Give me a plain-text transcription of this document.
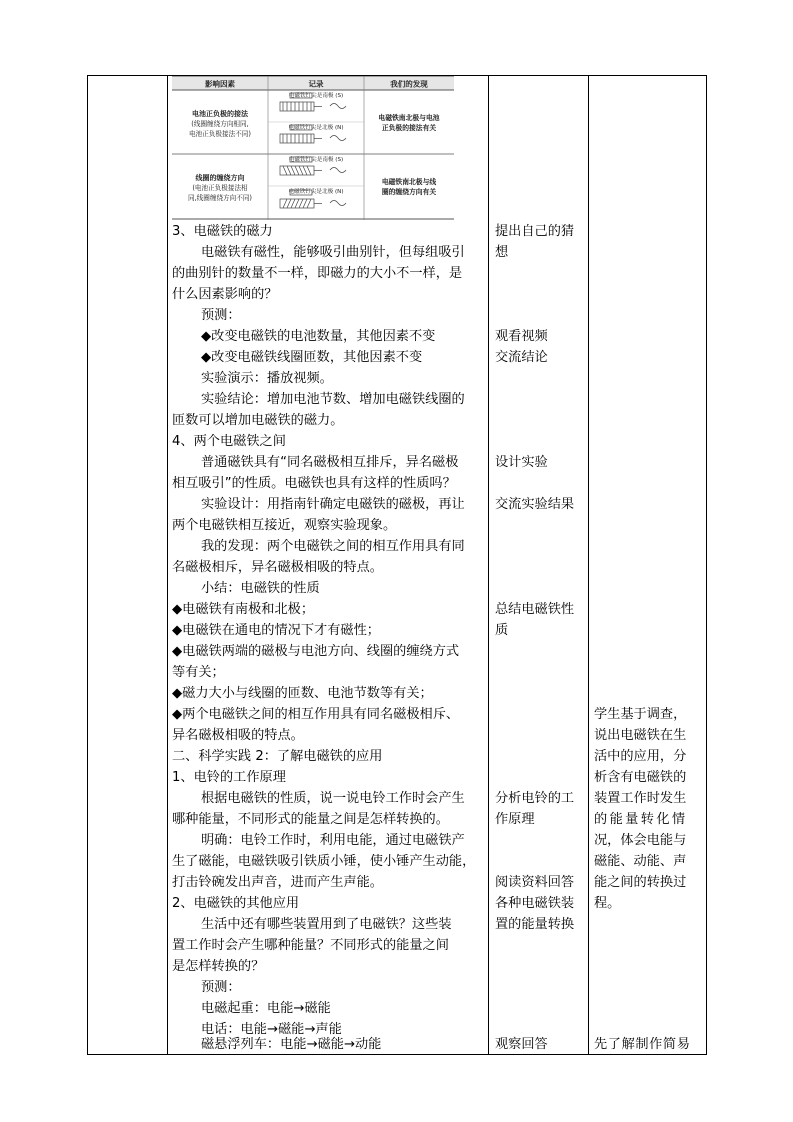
影响因素	记录	我们的发现
电池正负极的接法
(线圈缠绕方向相同,
电池正负极接法不同)
电磁铁钉尖是南极 (S)
电磁铁钉尖是北极 (N)
电磁铁南北极与电池
正负极的接法有关
线圈的缠绕方向
(电池正负极接法相
同,线圈缠绕方向不同)
电磁铁钉尖是南极 (S)
电磁铁钉尖是北极 (N)
电磁铁南北极与线
圈的缠绕方向有关
3、电磁铁的磁力
电磁铁有磁性，能够吸引曲别针，但每组吸引
的曲别针的数量不一样，即磁力的大小不一样，是
什么因素影响的？
预测：
◆改变电磁铁的电池数量，其他因素不变
◆改变电磁铁线圈匝数，其他因素不变
实验演示：播放视频。
实验结论：增加电池节数、增加电磁铁线圈的
匝数可以增加电磁铁的磁力。
4、两个电磁铁之间
普通磁铁具有“同名磁极相互排斥，异名磁极
相互吸引”的性质。电磁铁也具有这样的性质吗？
实验设计：用指南针确定电磁铁的磁极，再让
两个电磁铁相互接近，观察实验现象。
我的发现：两个电磁铁之间的相互作用具有同
名磁极相斥，异名磁极相吸的特点。
小结：电磁铁的性质
◆电磁铁有南极和北极；
◆电磁铁在通电的情况下才有磁性；
◆电磁铁两端的磁极与电池方向、线圈的缠绕方式
等有关；
◆磁力大小与线圈的匝数、电池节数等有关；
◆两个电磁铁之间的相互作用具有同名磁极相斥、
异名磁极相吸的特点。
二、科学实践 2：了解电磁铁的应用
1、电铃的工作原理
根据电磁铁的性质，说一说电铃工作时会产生
哪种能量，不同形式的能量之间是怎样转换的。
明确：电铃工作时，利用电能，通过电磁铁产
生了磁能，电磁铁吸引铁质小锤，使小锤产生动能，
打击铃碗发出声音，进而产生声能。
2、电磁铁的其他应用
生活中还有哪些装置用到了电磁铁？这些装
置工作时会产生哪种能量？不同形式的能量之间
是怎样转换的？
预测：
电磁起重：电能→磁能
电话：电能→磁能→声能
磁悬浮列车：电能→磁能→动能
提出自己的猜
想
观看视频
交流结论
设计实验
交流实验结果
总结电磁铁性
质
分析电铃的工
作原理
阅读资料回答
各种电磁铁装
置的能量转换
观察回答
学生基于调查，
说出电磁铁在生
活中的应用，分
析含有电磁铁的
装置工作时发生
的能量转化情
况，体会电能与
磁能、动能、声
能之间的转换过
程。
先了解制作简易
